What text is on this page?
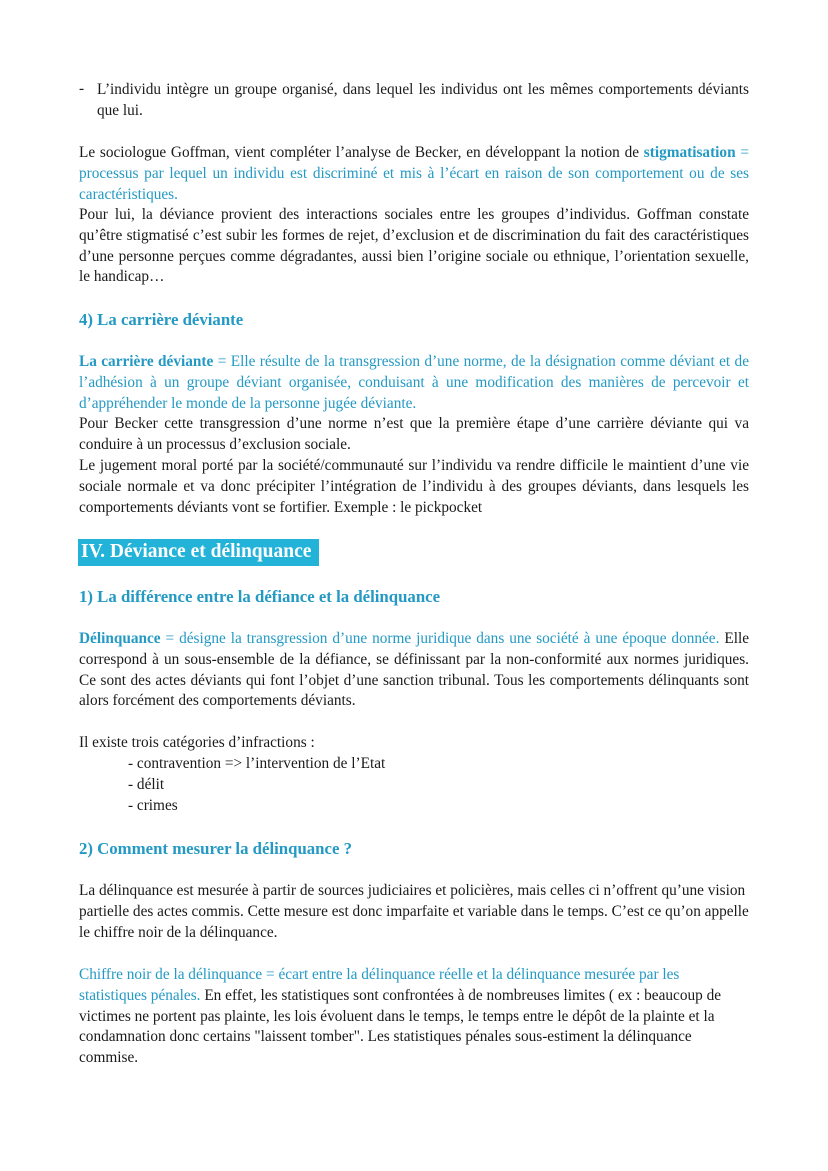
- L’individu intègre un groupe organisé, dans lequel les individus ont les mêmes comportements déviants que lui.

Le sociologue Goffman, vient compléter l’analyse de Becker, en développant la notion de stigmatisation = processus par lequel un individu est discriminé et mis à l’écart en raison de son comportement ou de ses caractéristiques.

Pour lui, la déviance provient des interactions sociales entre les groupes d’individus. Goffman constate qu’être stigmatisé c’est subir les formes de rejet, d’exclusion et de discrimination du fait des caractéristiques d’une personne perçues comme dégradantes, aussi bien l’origine sociale ou ethnique, l’orientation sexuelle, le handicap…

4) La carrière déviante

La carrière déviante = Elle résulte de la transgression d’une norme, de la désignation comme déviant et de l’adhésion à un groupe déviant organisée, conduisant à une modification des manières de percevoir et d’appréhender le monde de la personne jugée déviante.

Pour Becker cette transgression d’une norme n’est que la première étape d’une carrière déviante qui va conduire à un processus d’exclusion sociale.

Le jugement moral porté par la société/communauté sur l’individu va rendre difficile le maintient d’une vie sociale normale et va donc précipiter l’intégration de l’individu à des groupes déviants, dans lesquels les comportements déviants vont se fortifier. Exemple : le pickpocket

IV. Déviance et délinquance
1) La différence entre la défiance et la délinquance

Délinquance = désigne la transgression d’une norme juridique dans une société à une époque donnée. Elle correspond à un sous-ensemble de la défiance, se définissant par la non-conformité aux normes juridiques. Ce sont des actes déviants qui font l’objet d’une sanction tribunal. Tous les comportements délinquants sont alors forcément des comportements déviants.

Il existe trois catégories d’infractions :

- contravention => l’intervention de l’Etat
- délit
- crimes
2) Comment mesurer la délinquance ?

La délinquance est mesurée à partir de sources judiciaires et policières, mais celles ci n’offrent qu’une vision partielle des actes commis. Cette mesure est donc imparfaite et variable dans le temps. C’est ce qu’on appelle le chiffre noir de la délinquance.

Chiffre noir de la délinquance = écart entre la délinquance réelle et la délinquance mesurée par les statistiques pénales. En effet, les statistiques sont confrontées à de nombreuses limites ( ex : beaucoup de victimes ne portent pas plainte, les lois évoluent dans le temps, le temps entre le dépôt de la plainte et la condamnation donc certains "laissent tomber". Les statistiques pénales sous-estiment la délinquance commise.
